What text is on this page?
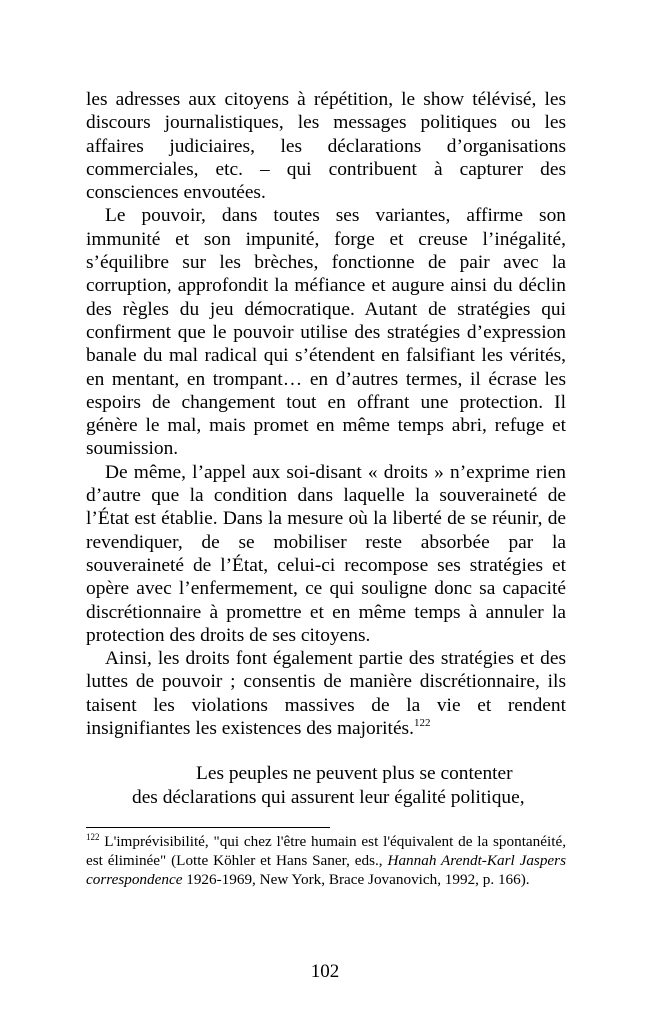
les adresses aux citoyens à répétition, le show télévisé, les discours journalistiques, les messages politiques ou les affaires judiciaires, les déclarations d’organisations commerciales, etc. – qui contribuent à capturer des consciences envoutées.

Le pouvoir, dans toutes ses variantes, affirme son immunité et son impunité, forge et creuse l’inégalité, s’équilibre sur les brèches, fonctionne de pair avec la corruption, approfondit la méfiance et augure ainsi du déclin des règles du jeu démocratique. Autant de stratégies qui confirment que le pouvoir utilise des stratégies d’expression banale du mal radical qui s’étendent en falsifiant les vérités, en mentant, en trompant… en d’autres termes, il écrase les espoirs de changement tout en offrant une protection. Il génère le mal, mais promet en même temps abri, refuge et soumission.

De même, l’appel aux soi-disant « droits » n’exprime rien d’autre que la condition dans laquelle la souveraineté de l’État est établie. Dans la mesure où la liberté de se réunir, de revendiquer, de se mobiliser reste absorbée par la souveraineté de l’État, celui-ci recompose ses stratégies et opère avec l’enfermement, ce qui souligne donc sa capacité discrétionnaire à promettre et en même temps à annuler la protection des droits de ses citoyens.

Ainsi, les droits font également partie des stratégies et des luttes de pouvoir ; consentis de manière discrétionnaire, ils taisent les violations massives de la vie et rendent insignifiantes les existences des majorités.$^{122}$

Les peuples ne peuvent plus se contenter

des déclarations qui assurent leur égalité politique,

$^{122}$ L'imprévisibilité, "qui chez l'être humain est l'équivalent de la spontanéité, est éliminée" (Lotte Köhler et Hans Saner, eds., Hannah Arendt-Karl Jaspers correspondence 1926-1969, New York, Brace Jovanovich, 1992, p. 166).

102
